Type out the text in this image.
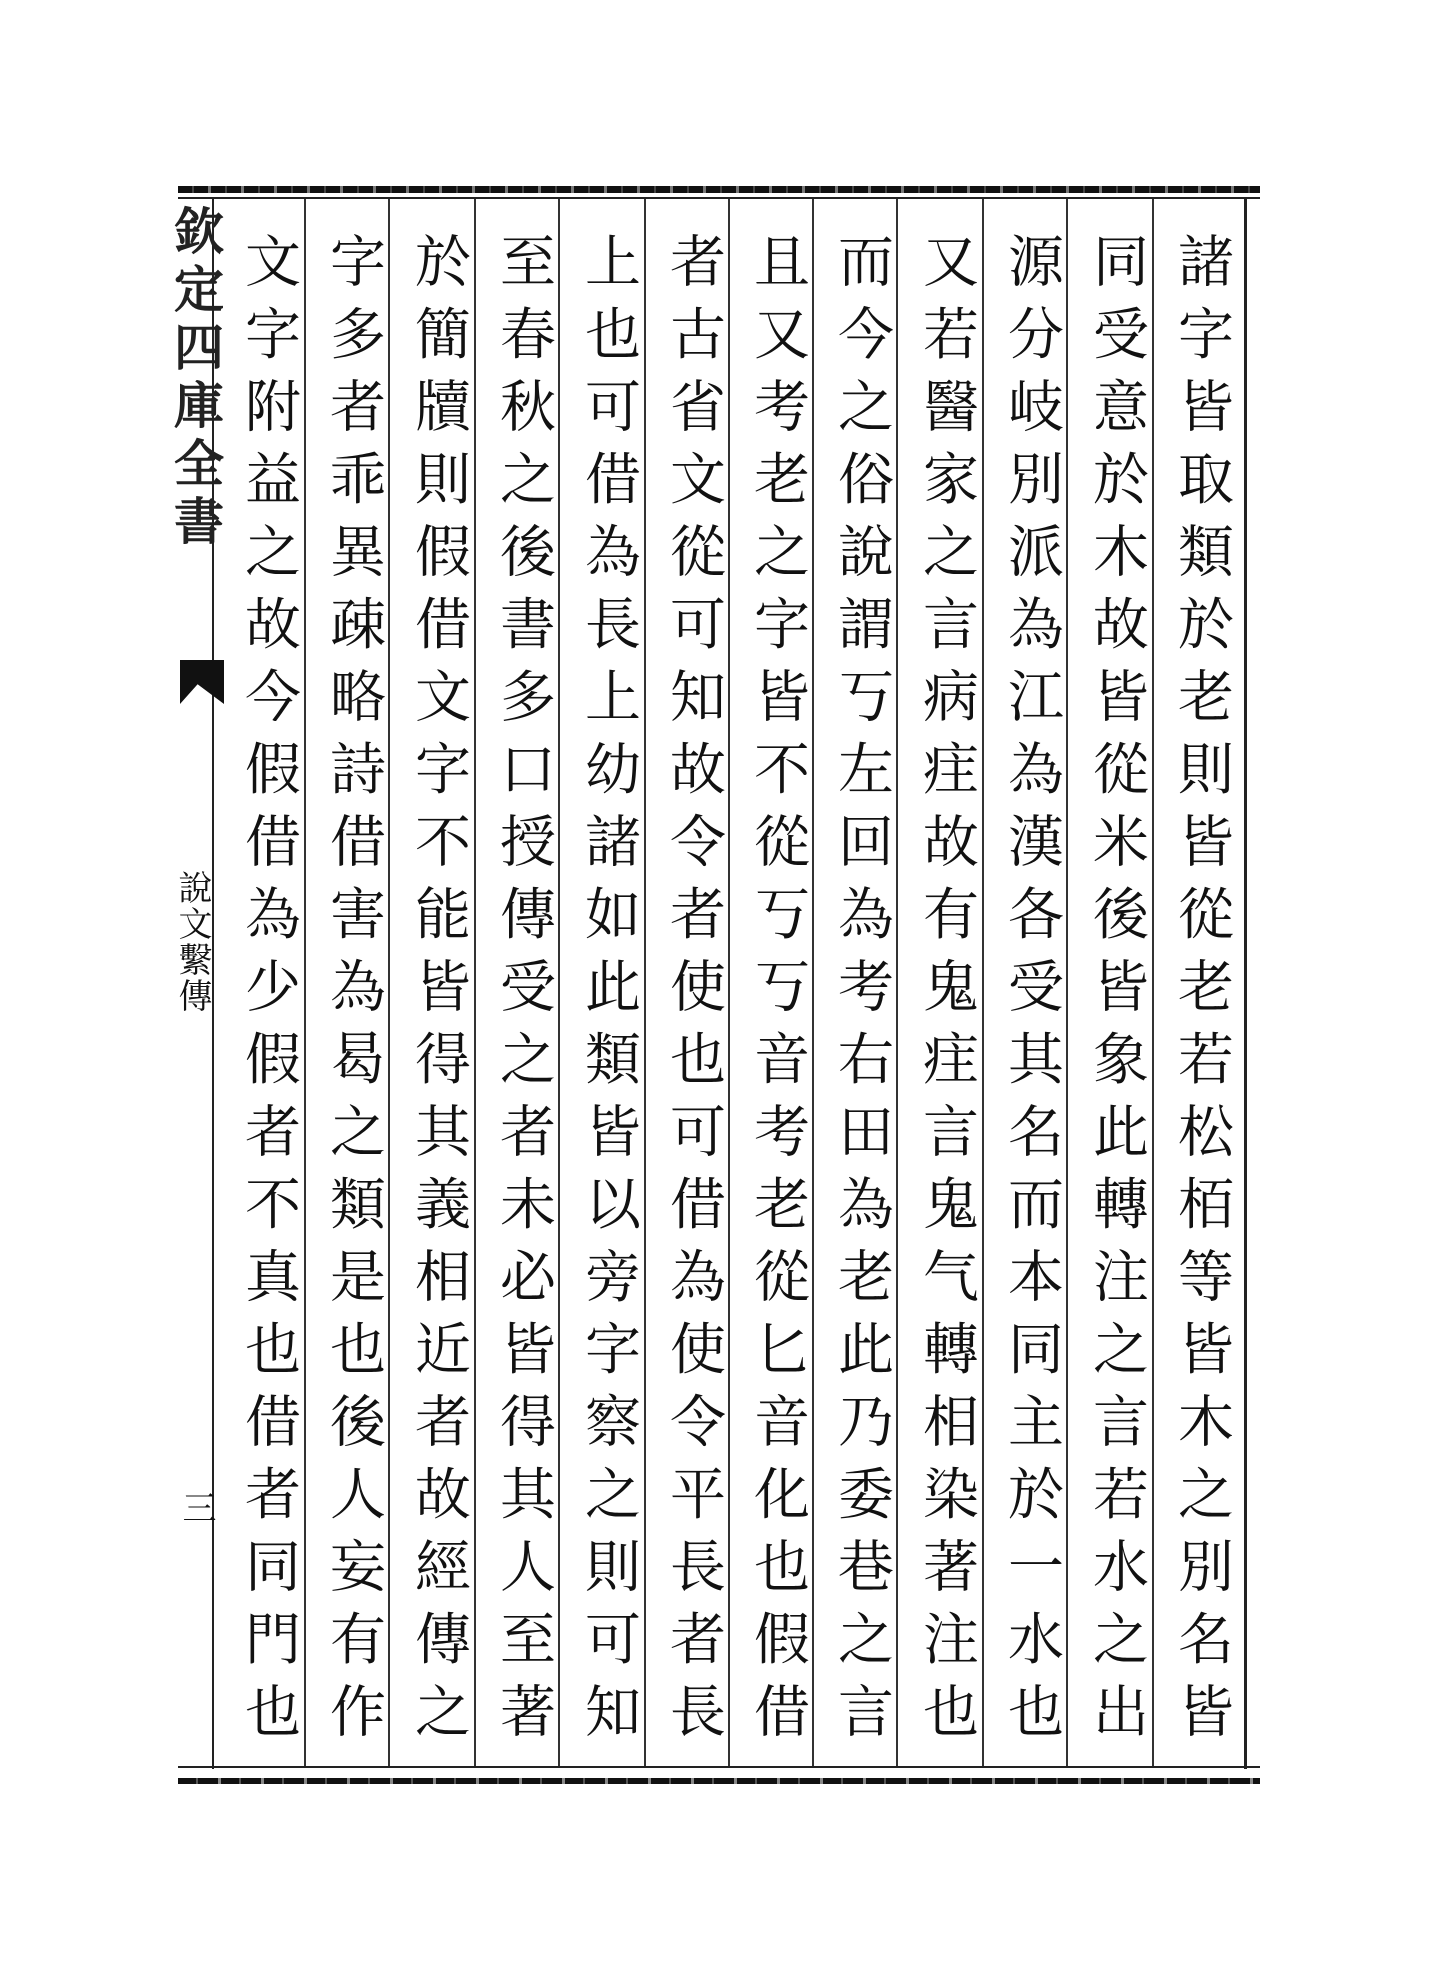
諸字皆取類於老則皆從老若松栢等皆木之別名皆
同受意於木故皆從米後皆象此轉注之言若水之出
源分岐別派為江為漢各受其名而本同主於一水也
又若醫家之言病疰故有鬼疰言鬼气轉相染著注也
而今之俗說謂丂左回為考右田為老此乃委巷之言
且又考老之字皆不從丂丂音考老從匕音化也假借
者古省文從可知故令者使也可借為使令平長者長
上也可借為長上幼諸如此類皆以旁字察之則可知
至春秋之後書多口授傳受之者未必皆得其人至著
於簡牘則假借文字不能皆得其義相近者故經傳之
字多者乖異疎略詩借害為曷之類是也後人妄有作
文字附益之故今假借為少假者不真也借者同門也
欽定四庫全書
說文繫傳
三
